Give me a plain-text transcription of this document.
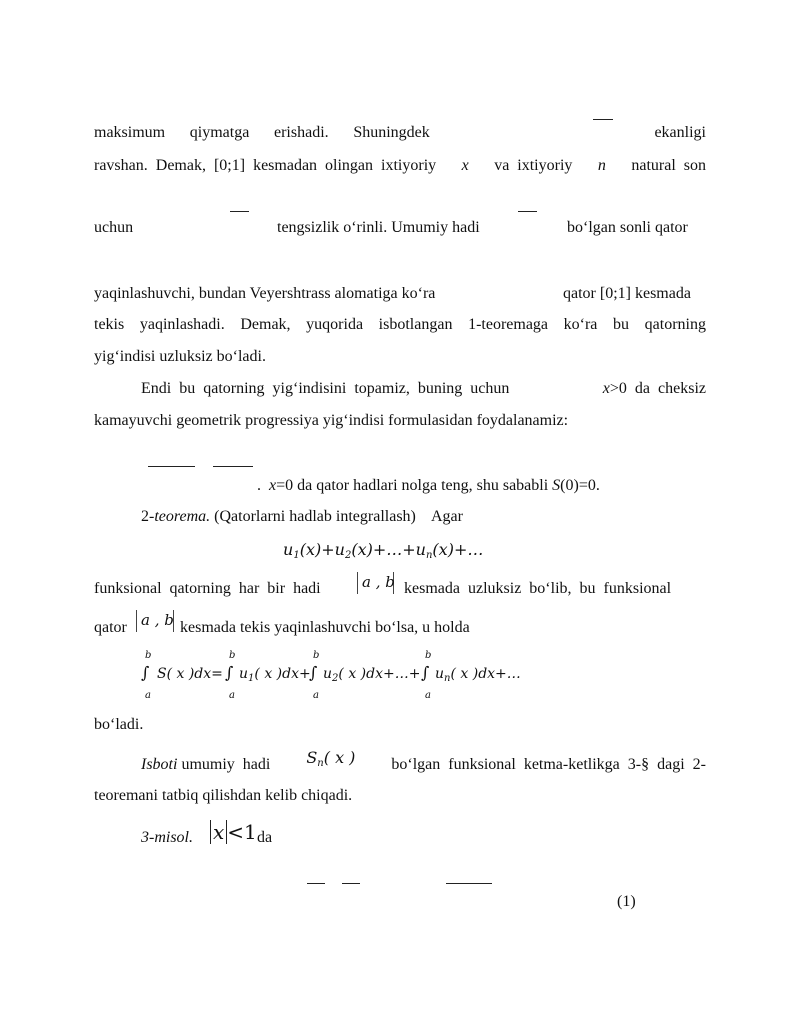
maksimum qiymatga erishadi. Shuningdek	ekanligi
ravshan.  Demak,  [0;1]  kesmadan  olingan  ixtiyoriy x va  ixtiyoriy n natural  son
uchun	tengsizlik o‘rinli. Umumiy hadi	bo‘lgan sonli qator
yaqinlashuvchi, bundan Veyershtrass alomatiga ko‘ra	qator [0;1] kesmada
tekis yaqinlashadi. Demak, yuqorida isbotlangan 1-teoremaga ko‘ra bu qatorning
yig‘indisi uzluksiz bo‘ladi.
Endi  bu  qatorning  yig‘indisini  topamiz,  buning  uchun	x>0  da  cheksiz
kamayuvchi geometrik progressiya yig‘indisi formulasidan foydalanamiz:
. x=0 da qator hadlari nolga teng, shu sababli S(0)=0.
2-teorema. (Qatorlarni hadlab integrallash)    Agar
$u_1(x)+u_2(x)+\dots+u_n(x)+\dots$
funksional  qatorning  har  bir  hadi	a , b kesmada  uzluksiz  bo‘lib,  bu  funksional
qator a , b kesmada tekis yaqinlashuvchi bo‘lsa, u holda
b
∫
a
S( x )dx=
b
∫
a
$u_1$( x )dx+
b
∫
a
$u_2$( x )dx+…+
b
∫
a
$u_n$( x )dx+…
bo‘ladi.
Isboti umumiy  hadi $S_n$( x ) bo‘lgan  funksional  ketma-ketlikga  3-§  dagi  2-
teoremani tatbiq qilishdan kelib chiqadi.
3-misol. x <1 da
(1)
